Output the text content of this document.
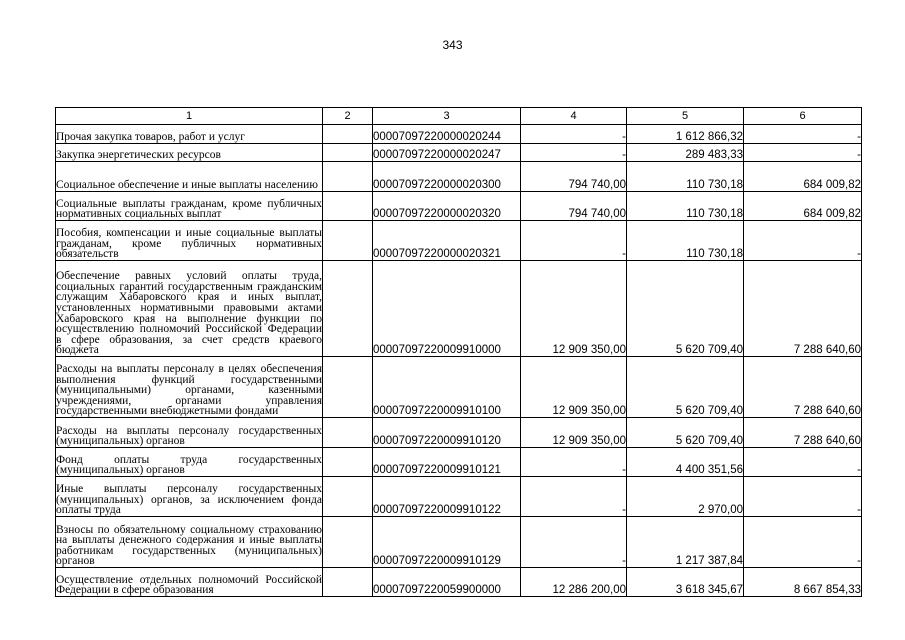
343
1	2	3	4	5	6

Прочая закупка товаров, работ и услуг		00007097220000020244	-	1 612 866,32	-

Закупка энергетических ресурсов		00007097220000020247	-	289 483,33	-

Социальное обеспечение и иные выплаты населению		00007097220000020300	794 740,00	110 730,18	684 009,82

Социальные выплаты гражданам, кроме публичных нормативных социальных выплат		00007097220000020320	794 740,00	110 730,18	684 009,82

Пособия, компенсации и иные социальные выплаты гражданам, кроме публичных нормативных обязательств		00007097220000020321	-	110 730,18	-

Обеспечение равных условий оплаты труда, социальных гарантий государственным гражданским служащим Хабаровского края и иных выплат, установленных нормативными правовыми актами Хабаровского края на выполнение функции по осуществлению полномочий Российской Федерации в сфере образования, за счет средств краевого бюджета		00007097220009910000	12 909 350,00	5 620 709,40	7 288 640,60

Расходы на выплаты персоналу в целях обеспечения выполнения функций государственными (муниципальными) органами, казенными учреждениями, органами управления государственными внебюджетными фондами		00007097220009910100	12 909 350,00	5 620 709,40	7 288 640,60

Расходы на выплаты персоналу государственных (муниципальных) органов		00007097220009910120	12 909 350,00	5 620 709,40	7 288 640,60

Фонд оплаты труда государственных (муниципальных) органов		00007097220009910121	-	4 400 351,56	-

Иные выплаты персоналу государственных (муниципальных) органов, за исключением фонда оплаты труда		00007097220009910122	-	2 970,00	-

Взносы по обязательному социальному страхованию на выплаты денежного содержания и иные выплаты работникам государственных (муниципальных) органов		00007097220009910129	-	1 217 387,84	-

Осуществление отдельных полномочий Российской Федерации в сфере образования		00007097220059900000	12 286 200,00	3 618 345,67	8 667 854,33
